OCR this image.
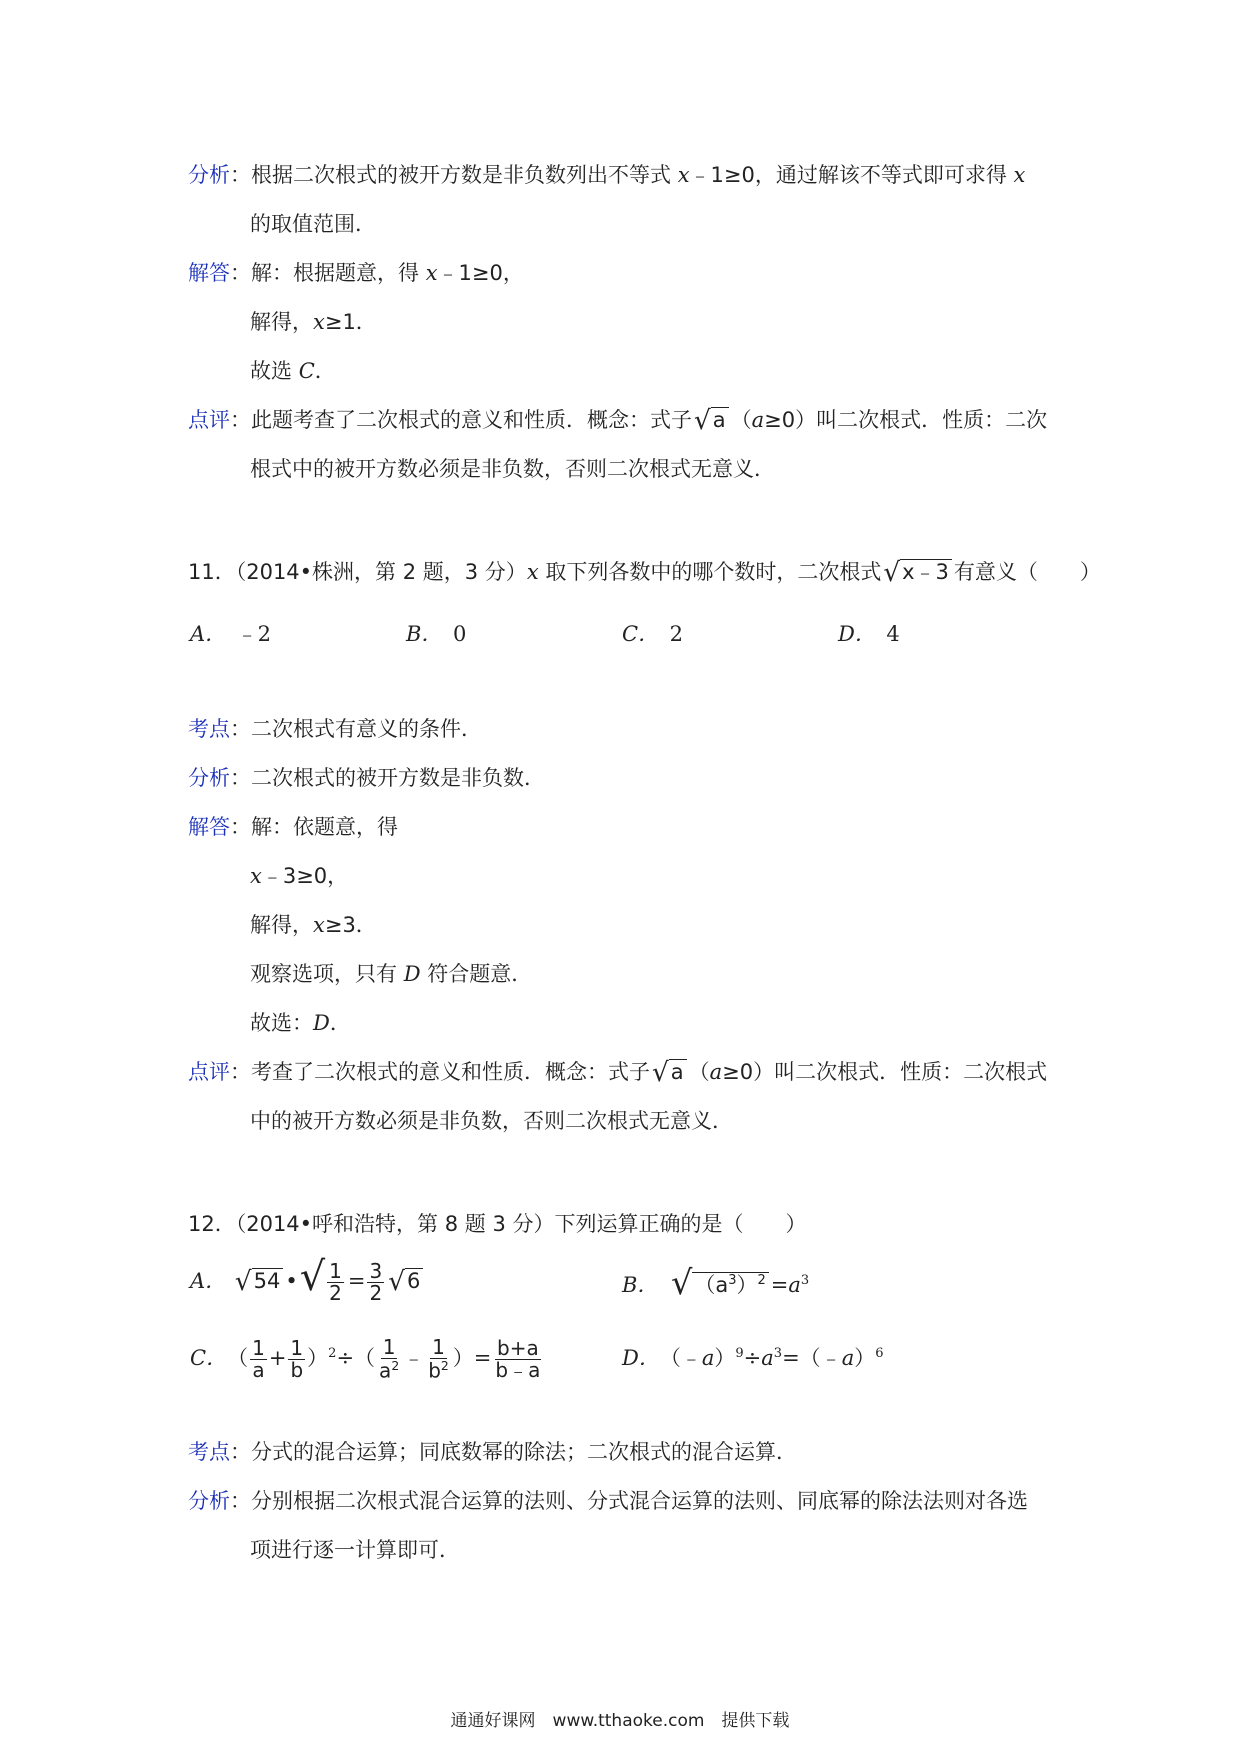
分析：根据二次根式的被开方数是非负数列出不等式 x﹣1≥0，通过解该不等式即可求得 x
的取值范围．
解答：解：根据题意，得 x﹣1≥0，
解得，x≥1．
故选 C．
点评：此题考查了二次根式的意义和性质．概念：式子√a （a≥0）叫二次根式．性质：二次
根式中的被开方数必须是非负数，否则二次根式无意义．
11．（2014•株洲，第 2 题，3 分）x 取下列各数中的哪个数时，二次根式√x﹣3 有意义（　　）
A．　 ﹣2	B．　 0	C．　 2	D．　 4
考点：二次根式有意义的条件．
分析：二次根式的被开方数是非负数．
解答：解：依题意，得
x﹣3≥0，
解得，x≥3．
观察选项，只有 D 符合题意．
故选：D．
点评：考查了二次根式的意义和性质．概念：式子√a （a≥0）叫二次根式．性质：二次根式
中的被开方数必须是非负数，否则二次根式无意义．
12．（2014•呼和浩特，第 8 题 3 分）下列运算正确的是（　　）
A． √54 •√ $\frac{1}{2} = \frac{3}{2} √6$	B．　 $√(a^3)^2 =a^3$
C．　 （ $\frac{1}{a} + \frac{1}{b} )^2\div( \frac{1}{a^2}$ ﹣ $\frac{1}{b^2}$ ）= $\frac{b+a}{b﹣a}$	D．　 $(﹣a)^9\div a^3=(﹣a)^6$
考点：分式的混合运算；同底数幂的除法；二次根式的混合运算．
分析：分别根据二次根式混合运算的法则、分式混合运算的法则、同底幂的除法法则对各选
项进行逐一计算即可．
通通好课网　www.tthaoke.com　提供下载
